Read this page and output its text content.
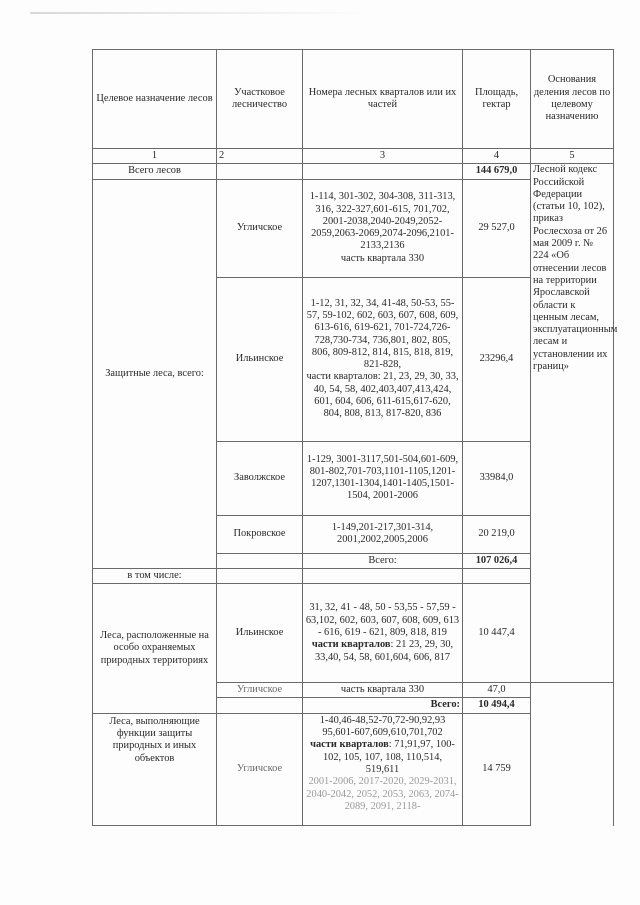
Целевое назначение лесов	Участковое лесничество	Номера лесных кварталов или их частей	Площадь, гектар	Основания деления лесов по целевому назначению	
1	2	3	4	5	
Всего лесов			144 679,0	Лесной кодекс Российской Федерации (статьи 10, 102), приказ Рослесхоза от 26 мая 2009 г. № 224 «Об отнесении лесов на территории Ярославской области к ценным лесам, эксплуатационным лесам и установлении их границ»	
Защитные леса, всего:	Угличское	1-114, 301-302, 304-308, 311-313, 316, 322-327,601-615, 701,702, 2001-2038,2040-2049,2052-2059,2063-2069,2074-2096,2101-2133,2136
часть квартала 330	29 527,0		
	Ильинское	1-12, 31, 32, 34, 41-48, 50-53, 55-57, 59-102, 602, 603, 607, 608, 609, 613-616, 619-621, 701-724,726-728,730-734, 736,801, 802, 805, 806, 809-812, 814, 815, 818, 819, 821-828,
части кварталов: 21, 23, 29, 30, 33, 40, 54, 58, 402,403,407,413,424, 601, 604, 606, 611-615,617-620, 804, 808, 813, 817-820, 836	23296,4		
	Заволжское	1-129, 3001-3117,501-504,601-609, 801-802,701-703,1101-1105,1201-1207,1301-1304,1401-1405,1501-1504, 2001-2006	33984,0		
	Покровское	1-149,201-217,301-314, 2001,2002,2005,2006	20 219,0		
		Всего:	107 026,4		
в том числе:					
Леса, расположенные на особо охраняемых природных территориях	Ильинское	31, 32, 41 - 48, 50 - 53,55 - 57,59 - 63,102, 602, 603, 607, 608, 609, 613 - 616, 619 - 621, 809, 818, 819
части кварталов: 21 23, 29, 30, 33,40, 54, 58, 601,604, 606, 817	10 447,4		
	Угличское	часть квартала 330	47,0		
		Всего:	10 494,4		
Леса, выполняющие функции защиты природных и иных объектов	Угличское	1-40,46-48,52-70,72-90,92,93 95,601-607,609,610,701,702
части кварталов: 71,91,97, 100-102, 105, 107, 108, 110,514, 519,611
2001-2006, 2017-2020, 2029-2031, 2040-2042, 2052, 2053, 2063, 2074-2089, 2091, 2118-	14 759		
